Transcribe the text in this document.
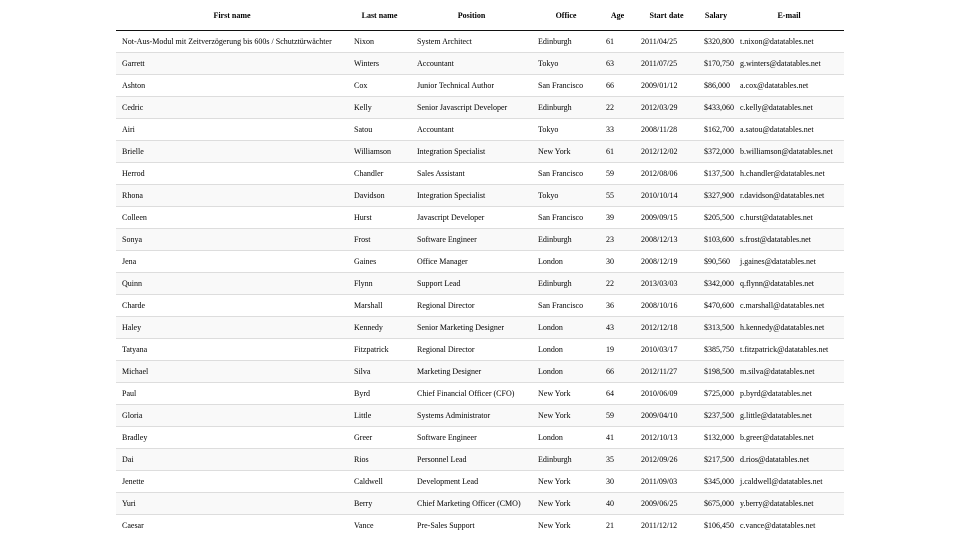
First name	Last name	Position	Office	Age	Start date	Salary	E-mail
Not-Aus-Modul mit Zeitverzögerung bis 600s / Schutztürwächter	Nixon	System Architect	Edinburgh	61	2011/04/25	$320,800	t.nixon@datatables.net
Garrett	Winters	Accountant	Tokyo	63	2011/07/25	$170,750	g.winters@datatables.net
Ashton	Cox	Junior Technical Author	San Francisco	66	2009/01/12	$86,000	a.cox@datatables.net
Cedric	Kelly	Senior Javascript Developer	Edinburgh	22	2012/03/29	$433,060	c.kelly@datatables.net
Airi	Satou	Accountant	Tokyo	33	2008/11/28	$162,700	a.satou@datatables.net
Brielle	Williamson	Integration Specialist	New York	61	2012/12/02	$372,000	b.williamson@datatables.net
Herrod	Chandler	Sales Assistant	San Francisco	59	2012/08/06	$137,500	h.chandler@datatables.net
Rhona	Davidson	Integration Specialist	Tokyo	55	2010/10/14	$327,900	r.davidson@datatables.net
Colleen	Hurst	Javascript Developer	San Francisco	39	2009/09/15	$205,500	c.hurst@datatables.net
Sonya	Frost	Software Engineer	Edinburgh	23	2008/12/13	$103,600	s.frost@datatables.net
Jena	Gaines	Office Manager	London	30	2008/12/19	$90,560	j.gaines@datatables.net
Quinn	Flynn	Support Lead	Edinburgh	22	2013/03/03	$342,000	q.flynn@datatables.net
Charde	Marshall	Regional Director	San Francisco	36	2008/10/16	$470,600	c.marshall@datatables.net
Haley	Kennedy	Senior Marketing Designer	London	43	2012/12/18	$313,500	h.kennedy@datatables.net
Tatyana	Fitzpatrick	Regional Director	London	19	2010/03/17	$385,750	t.fitzpatrick@datatables.net
Michael	Silva	Marketing Designer	London	66	2012/11/27	$198,500	m.silva@datatables.net
Paul	Byrd	Chief Financial Officer (CFO)	New York	64	2010/06/09	$725,000	p.byrd@datatables.net
Gloria	Little	Systems Administrator	New York	59	2009/04/10	$237,500	g.little@datatables.net
Bradley	Greer	Software Engineer	London	41	2012/10/13	$132,000	b.greer@datatables.net
Dai	Rios	Personnel Lead	Edinburgh	35	2012/09/26	$217,500	d.rios@datatables.net
Jenette	Caldwell	Development Lead	New York	30	2011/09/03	$345,000	j.caldwell@datatables.net
Yuri	Berry	Chief Marketing Officer (CMO)	New York	40	2009/06/25	$675,000	y.berry@datatables.net
Caesar	Vance	Pre-Sales Support	New York	21	2011/12/12	$106,450	c.vance@datatables.net
